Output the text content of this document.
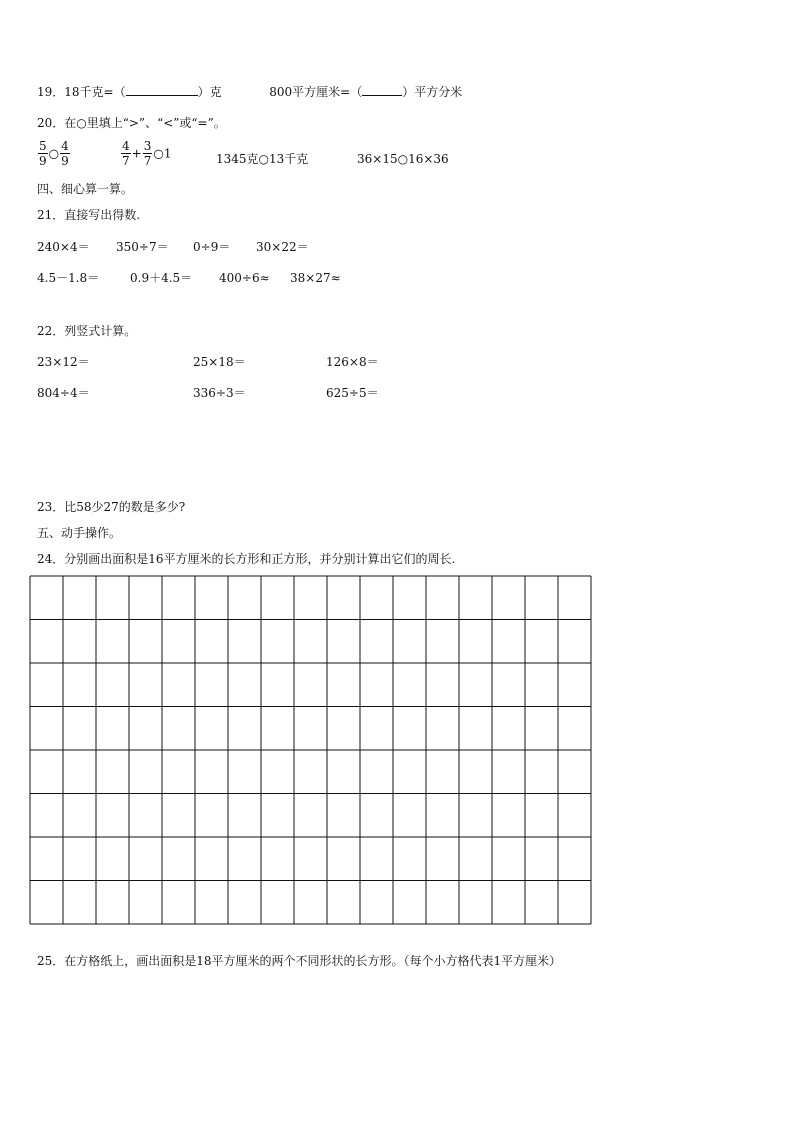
19．18千克=（	）克	800平方厘米=（	）平方分米
20．在○里填上“>”、“<”或“=”。
$\frac{5}{9}$ ○ $\frac{4}{9}$	$\frac{4}{7} + \frac{3}{7}$ ○1	1345克○13千克	36×15○16×36
四、细心算一算。
21．直接写出得数.
240×4＝ 350÷7＝ 0÷9＝ 30×22＝
4.5－1.8＝	0.9＋4.5＝ 400÷6≈ 38×27≈
22．列竖式计算。
23×12＝	25×18＝	126×8＝
804÷4＝	336÷3＝	625÷5＝
23．比58少27的数是多少?
五、动手操作。
24．分别画出面积是16平方厘米的长方形和正方形，并分别计算出它们的周长.
25．在方格纸上，画出面积是18平方厘米的两个不同形状的长方形。（每个小方格代表1平方厘米）
